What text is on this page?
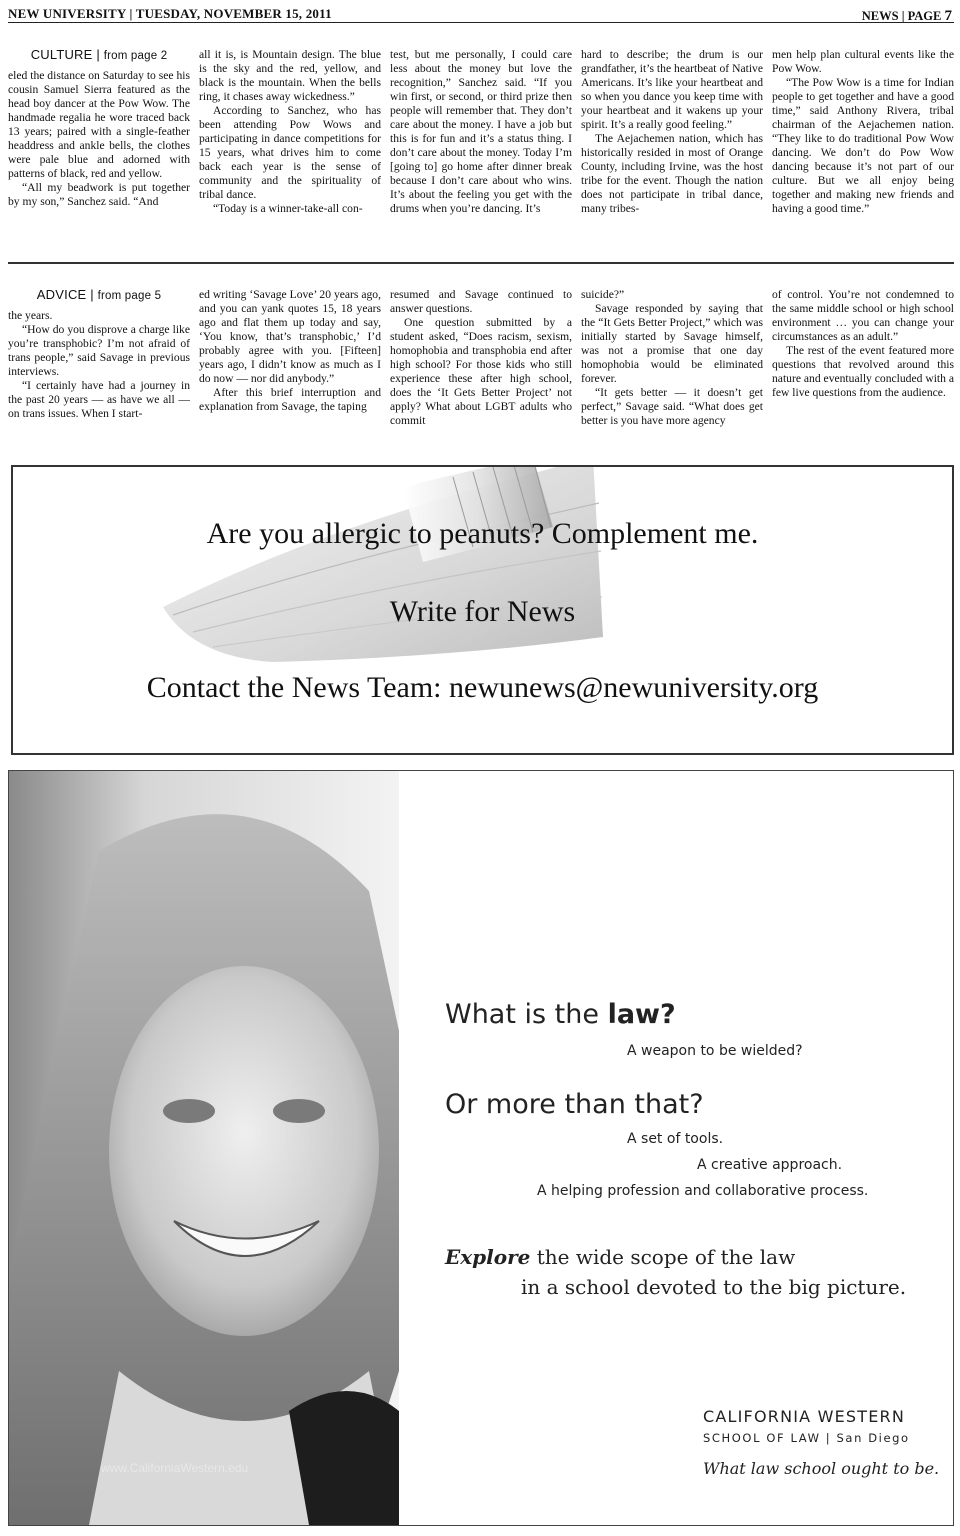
NEW UNIVERSITY | TUESDAY, NOVEMBER 15, 2011	NEWS | PAGE 7
CULTURE | from page 2

eled the distance on Saturday to see his cousin Samuel Sierra featured as the head boy dancer at the Pow Wow. The handmade regalia he wore traced back 13 years; paired with a single-feather headdress and ankle bells, the clothes were pale blue and adorned with patterns of black, red and yellow.

“All my beadwork is put together by my son,” Sanchez said. “And

all it is, is Mountain design. The blue is the sky and the red, yellow, and black is the mountain. When the bells ring, it chases away wickedness.”

According to Sanchez, who has been attending Pow Wows and participating in dance competitions for 15 years, what drives him to come back each year is the sense of community and the spirituality of tribal dance.

“Today is a winner-take-all con-

test, but me personally, I could care less about the money but love the recognition,” Sanchez said. “If you win first, or second, or third prize then people will remember that. They don’t care about the money. I have a job but this is for fun and it’s a status thing. I don’t care about the money. Today I’m [going to] go home after dinner break because I don’t care about who wins. It’s about the feeling you get with the drums when you’re dancing. It’s

hard to describe; the drum is our grandfather, it’s the heartbeat of Native Americans. It’s like your heartbeat and so when you dance you keep time with your heartbeat and it wakens up your spirit. It’s a really good feeling.”

The Aejachemen nation, which has historically resided in most of Orange County, including Irvine, was the host tribe for the event. Though the nation does not participate in tribal dance, many tribes-

men help plan cultural events like the Pow Wow.

“The Pow Wow is a time for Indian people to get together and have a good time,” said Anthony Rivera, tribal chairman of the Aejachemen nation. “They like to do traditional Pow Wow dancing. We don’t do Pow Wow dancing because it’s not part of our culture. But we all enjoy being together and making new friends and having a good time.”

ADVICE | from page 5

the years.

“How do you disprove a charge like you’re transphobic? I’m not afraid of trans people,” said Savage in previous interviews.

“I certainly have had a journey in the past 20 years — as have we all — on trans issues. When I start-

ed writing ‘Savage Love’ 20 years ago, and you can yank quotes 15, 18 years ago and flat them up today and say, ‘You know, that’s transphobic,’ I’d probably agree with you. [Fifteen] years ago, I didn’t know as much as I do now — nor did anybody.”

After this brief interruption and explanation from Savage, the taping

resumed and Savage continued to answer questions.

One question submitted by a student asked, “Does racism, sexism, homophobia and transphobia end after high school? For those kids who still experience these after high school, does the ‘It Gets Better Project’ not apply? What about LGBT adults who commit

suicide?”

Savage responded by saying that the “It Gets Better Project,” which was initially started by Savage himself, was not a promise that one day homophobia would be eliminated forever.

“It gets better — it doesn’t get perfect,” Savage said. “What does get better is you have more agency

of control. You’re not condemned to the same middle school or high school environment … you can change your circumstances as an adult.”

The rest of the event featured more questions that revolved around this nature and eventually concluded with a few live questions from the audience.

Are you allergic to peanuts? Complement me.
Write for News
Contact the News Team: newunews@newuniversity.org
www.CaliforniaWestern.edu
What is the law?
A weapon to be wielded?
Or more than that?
A set of tools.
A creative approach.
A helping profession and collaborative process.
Explore the wide scope of the law
in a school devoted to the big picture.
CALIFORNIA WESTERN
SCHOOL OF LAW | San Diego
What law school ought to be.
